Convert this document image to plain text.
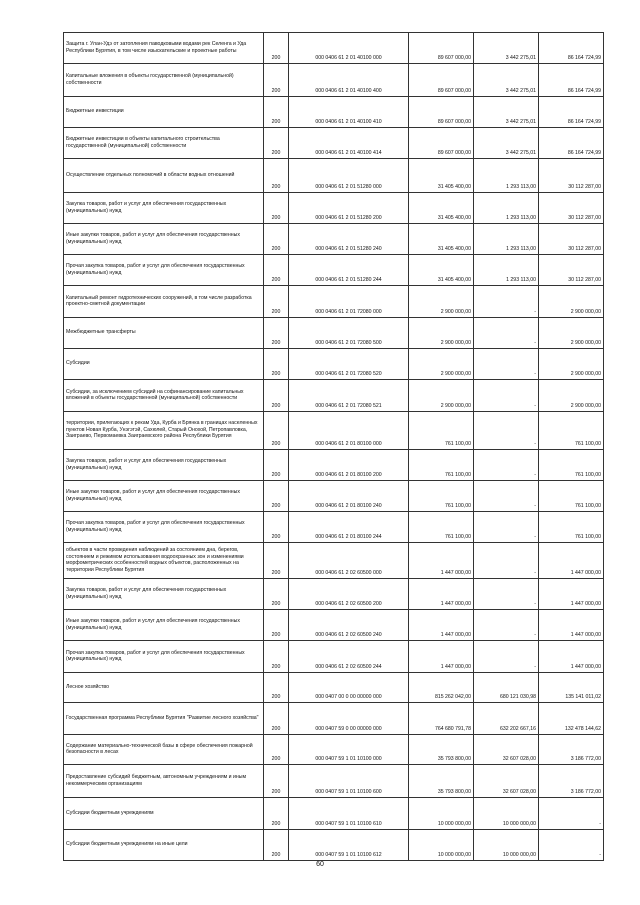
Защита г. Улан-Удэ от затопления паводковыми водами рек Селенга и Уда Республики Бурятия, в том числе изыскательские и проектные работы	200	000 0406 61 2 01 40100 000	89 607 000,00	3 442 275,01	86 164 724,99
Капитальные вложения в объекты государственной (муниципальной) собственности	200	000 0406 61 2 01 40100 400	89 607 000,00	3 442 275,01	86 164 724,99
Бюджетные инвестиции	200	000 0406 61 2 01 40100 410	89 607 000,00	3 442 275,01	86 164 724,99
Бюджетные инвестиции в объекты капитального строительства государственной (муниципальной) собственности	200	000 0406 61 2 01 40100 414	89 607 000,00	3 442 275,01	86 164 724,99
Осуществление отдельных полномочий в области водных отношений	200	000 0406 61 2 01 51280 000	31 405 400,00	1 293 113,00	30 112 287,00
Закупка товаров, работ и услуг для обеспечения государственных (муниципальных) нужд	200	000 0406 61 2 01 51280 200	31 405 400,00	1 293 113,00	30 112 287,00
Иные закупки товаров, работ и услуг для обеспечения государственных (муниципальных) нужд	200	000 0406 61 2 01 51280 240	31 405 400,00	1 293 113,00	30 112 287,00
Прочая закупка товаров, работ и услуг для обеспечения государственных (муниципальных) нужд	200	000 0406 61 2 01 51280 244	31 405 400,00	1 293 113,00	30 112 287,00
Капитальный ремонт гидротехнических сооружений, в том числе разработка проектно-сметной документации	200	000 0406 61 2 01 72080 000	2 900 000,00	-	2 900 000,00
Межбюджетные трансферты	200	000 0406 61 2 01 72080 500	2 900 000,00	-	2 900 000,00
Субсидии	200	000 0406 61 2 01 72080 520	2 900 000,00	-	2 900 000,00
Субсидии, за исключением субсидий на софинансирование капитальных вложений в объекты государственной (муниципальной) собственности	200	000 0406 61 2 01 72080 521	2 900 000,00	-	2 900 000,00
территории, прилегающих к рекам Уда, Курба и Брянка в границах населенных пунктов Новая Курба, Унэгэтэй, Сахюлей, Старый Онохой, Петропавловка, Заиграево, Первомаевка Заиграевского района Республики Бурятия	200	000 0406 61 2 01 80100 000	761 100,00	-	761 100,00
Закупка товаров, работ и услуг для обеспечения государственных (муниципальных) нужд	200	000 0406 61 2 01 80100 200	761 100,00	-	761 100,00
Иные закупки товаров, работ и услуг для обеспечения государственных (муниципальных) нужд	200	000 0406 61 2 01 80100 240	761 100,00	-	761 100,00
Прочая закупка товаров, работ и услуг для обеспечения государственных (муниципальных) нужд	200	000 0406 61 2 01 80100 244	761 100,00	-	761 100,00
объектов в части проведения наблюдений за состоянием дна, берегов, состоянием и режимом использования водоохранных зон и изменениями морфометрических особенностей водных объектов, расположенных на территории Республики Бурятия	200	000 0406 61 2 02 60500 000	1 447 000,00	-	1 447 000,00
Закупка товаров, работ и услуг для обеспечения государственных (муниципальных) нужд	200	000 0406 61 2 02 60500 200	1 447 000,00	-	1 447 000,00
Иные закупки товаров, работ и услуг для обеспечения государственных (муниципальных) нужд	200	000 0406 61 2 02 60500 240	1 447 000,00	-	1 447 000,00
Прочая закупка товаров, работ и услуг для обеспечения государственных (муниципальных) нужд	200	000 0406 61 2 02 60500 244	1 447 000,00	-	1 447 000,00
Лесное хозяйство	200	000 0407 00 0 00 00000 000	815 262 042,00	680 121 030,98	135 141 011,02
Государственная программа Республики Бурятия "Развитие лесного хозяйства"	200	000 0407 59 0 00 00000 000	764 680 791,78	632 202 667,16	132 478 144,62
Содержание материально-технической базы в сфере обеспечения пожарной безопасности в лесах	200	000 0407 59 1 01 10100 000	35 793 800,00	32 607 028,00	3 186 772,00
Предоставление субсидий бюджетным, автономным учреждениям и иным некоммерческим организациям	200	000 0407 59 1 01 10100 600	35 793 800,00	32 607 028,00	3 186 772,00
Субсидии бюджетным учреждениям	200	000 0407 59 1 01 10100 610	10 000 000,00	10 000 000,00	-
Субсидии бюджетным учреждениям на иные цели	200	000 0407 59 1 01 10100 612	10 000 000,00	10 000 000,00	-
60
